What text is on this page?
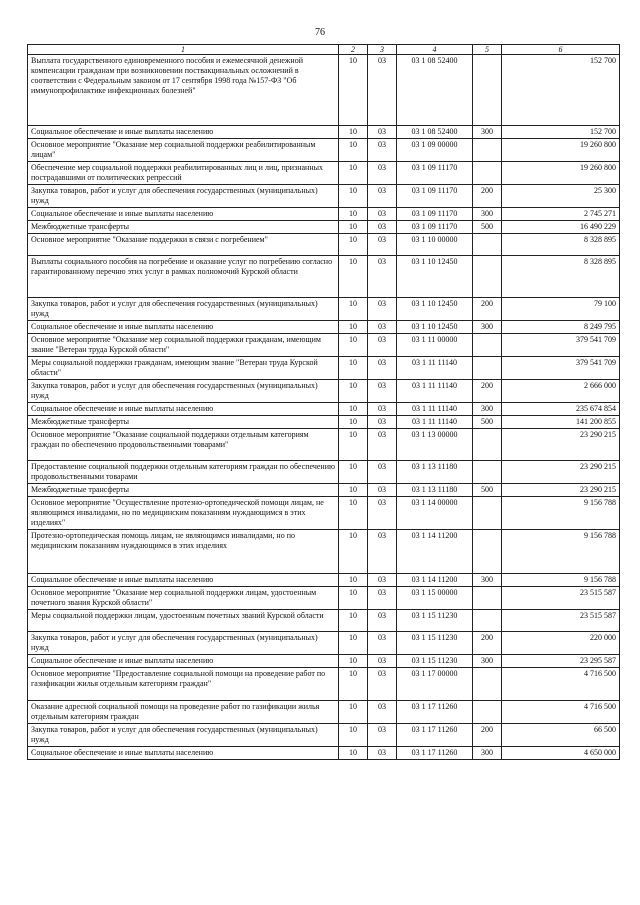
76
1	2	3	4	5	6
Выплата государственного единовременного пособия и ежемесячной денежной компенсации гражданам при возникновении поствакцинальных осложнений в соответствии с Федеральным законом от 17 сентября 1998 года №157-ФЗ "Об иммунопрофилактике инфекционных болезней"	10	03	03 1 08 52400		152 700
Социальное обеспечение и иные выплаты населению	10	03	03 1 08 52400	300	152 700
Основное мероприятие "Оказание мер социальной поддержки реабилитированным лицам"	10	03	03 1 09 00000		19 260 800
Обеспечение мер социальной поддержки реабилитированных лиц и лиц, признанных пострадавшими от политических репрессий	10	03	03 1 09 11170		19 260 800
Закупка товаров, работ и услуг для обеспечения государственных (муниципальных) нужд	10	03	03 1 09 11170	200	25 300
Социальное обеспечение и иные выплаты населению	10	03	03 1 09 11170	300	2 745 271
Межбюджетные трансферты	10	03	03 1 09 11170	500	16 490 229
Основное мероприятие "Оказание поддержки в связи с погребением"	10	03	03 1 10 00000		8 328 895
Выплаты социального пособия на погребение и оказание услуг по погребению согласно гарантированному перечню этих услуг в рамках полномочий Курской области	10	03	03 1 10 12450		8 328 895
Закупка товаров, работ и услуг для обеспечения государственных (муниципальных) нужд	10	03	03 1 10 12450	200	79 100
Социальное обеспечение и иные выплаты населению	10	03	03 1 10 12450	300	8 249 795
Основное мероприятие "Оказание мер социальной поддержки гражданам, имеющим звание "Ветеран труда Курской области"	10	03	03 1 11 00000		379 541 709
Меры социальной поддержки гражданам, имеющим звание "Ветеран труда Курской области"	10	03	03 1 11 11140		379 541 709
Закупка товаров, работ и услуг для обеспечения государственных (муниципальных) нужд	10	03	03 1 11 11140	200	2 666 000
Социальное обеспечение и иные выплаты населению	10	03	03 1 11 11140	300	235 674 854
Межбюджетные трансферты	10	03	03 1 11 11140	500	141 200 855
Основное мероприятие "Оказание социальной поддержки отдельным категориям граждан по обеспечению продовольственными товарами"	10	03	03 1 13 00000		23 290 215
Предоставление социальной поддержки отдельным категориям граждан по обеспечению продовольственными товарами	10	03	03 1 13 11180		23 290 215
Межбюджетные трансферты	10	03	03 1 13 11180	500	23 290 215
Основное мероприятие "Осуществление протезно-ортопедической помощи лицам, не являющимся инвалидами, но по медицинским показаниям нуждающимся в этих изделиях"	10	03	03 1 14 00000		9 156 788
Протезно-ортопедическая помощь лицам, не являющимся инвалидами, но по медицинским показаниям нуждающимся в этих изделиях	10	03	03 1 14 11200		9 156 788
Социальное обеспечение и иные выплаты населению	10	03	03 1 14 11200	300	9 156 788
Основное мероприятие "Оказание мер социальной поддержки лицам, удостоенным почетного звания Курской области"	10	03	03 1 15 00000		23 515 587
Меры социальной поддержки лицам, удостоенным почетных званий Курской области	10	03	03 1 15 11230		23 515 587
Закупка товаров, работ и услуг для обеспечения государственных (муниципальных) нужд	10	03	03 1 15 11230	200	220 000
Социальное обеспечение и иные выплаты населению	10	03	03 1 15 11230	300	23 295 587
Основное мероприятие "Предоставление социальной помощи на проведение работ по газификации жилья отдельным категориям граждан"	10	03	03 1 17 00000		4 716 500
Оказание адресной социальной помощи на проведение работ по газификации жилья отдельным категориям граждан	10	03	03 1 17 11260		4 716 500
Закупка товаров, работ и услуг для обеспечения государственных (муниципальных) нужд	10	03	03 1 17 11260	200	66 500
Социальное обеспечение и иные выплаты населению	10	03	03 1 17 11260	300	4 650 000
